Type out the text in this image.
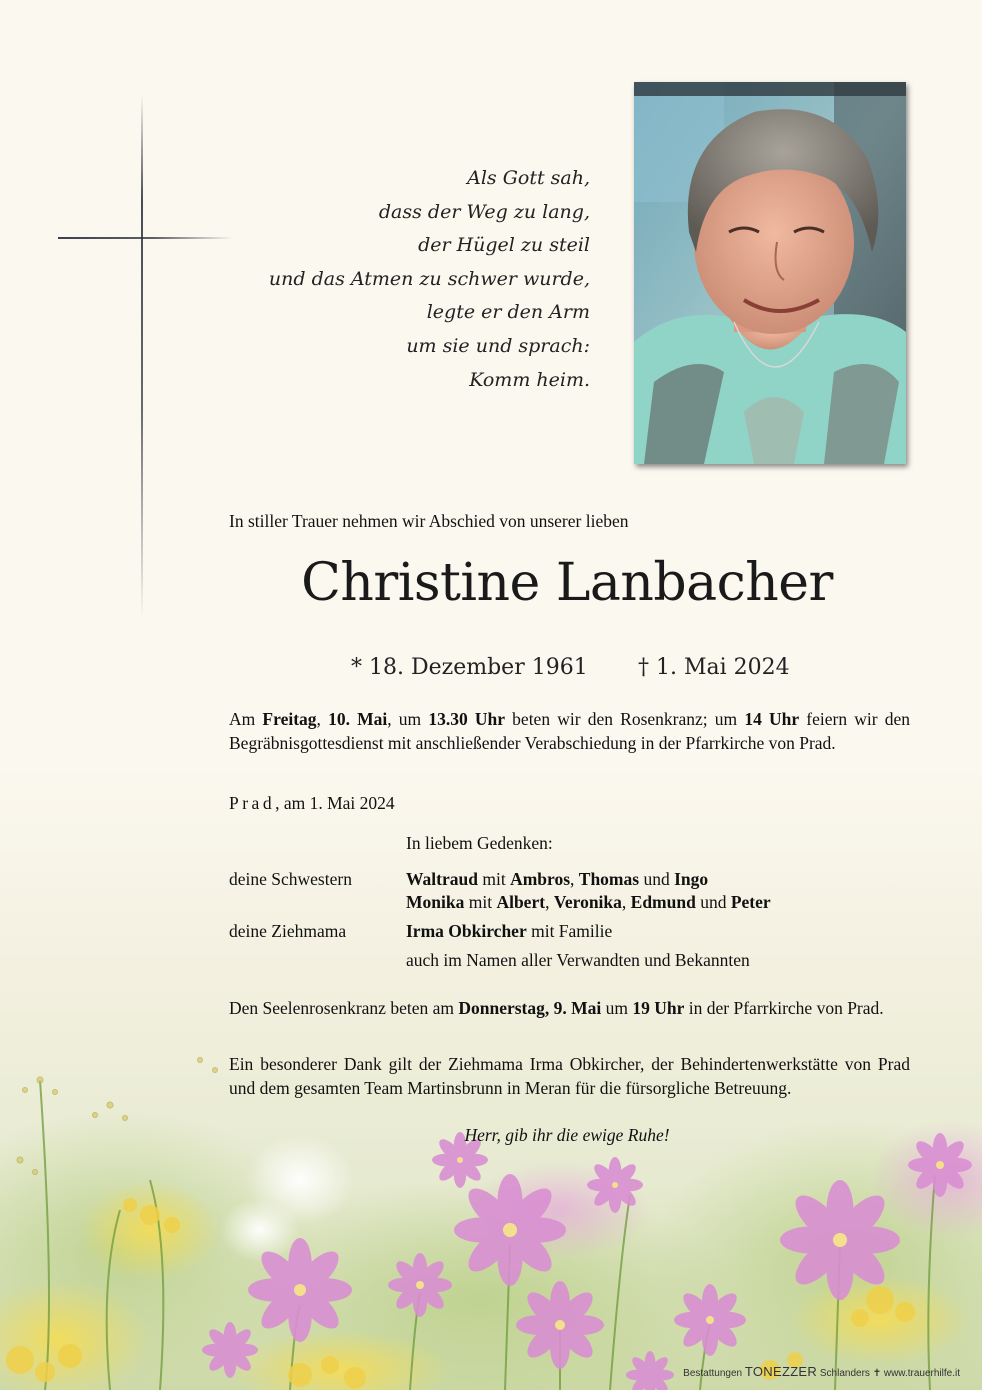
Als Gott sah,
dass der Weg zu lang,
der Hügel zu steil
und das Atmen zu schwer wurde,
legte er den Arm
um sie und sprach:
Komm heim.
In stiller Trauer nehmen wir Abschied von unserer lieben
Christine Lanbacher
* 18. Dezember 1961 † 1. Mai 2024
Am Freitag, 10. Mai, um 13.30 Uhr beten wir den Rosenkranz; um 14 Uhr feiern wir den Begräbnisgottesdienst mit anschließender Verabschiedung in der Pfarrkirche von Prad.
Prad, am 1. Mai 2024
In liebem Gedenken:
deine Schwestern	Waltraud mit Ambros, Thomas und Ingo
Monika mit Albert, Veronika, Edmund und Peter
deine Ziehmama	Irma Obkircher mit Familie
auch im Namen aller Verwandten und Bekannten
Den Seelenrosenkranz beten am Donnerstag, 9. Mai um 19 Uhr in der Pfarrkirche von Prad.
Ein besonderer Dank gilt der Ziehmama Irma Obkircher, der Behindertenwerkstätte von Prad und dem gesamten Team Martinsbrunn in Meran für die fürsorgliche Betreuung.
Herr, gib ihr die ewige Ruhe!
Bestattungen TONEZZER Schlanders ✝ www.trauerhilfe.it
